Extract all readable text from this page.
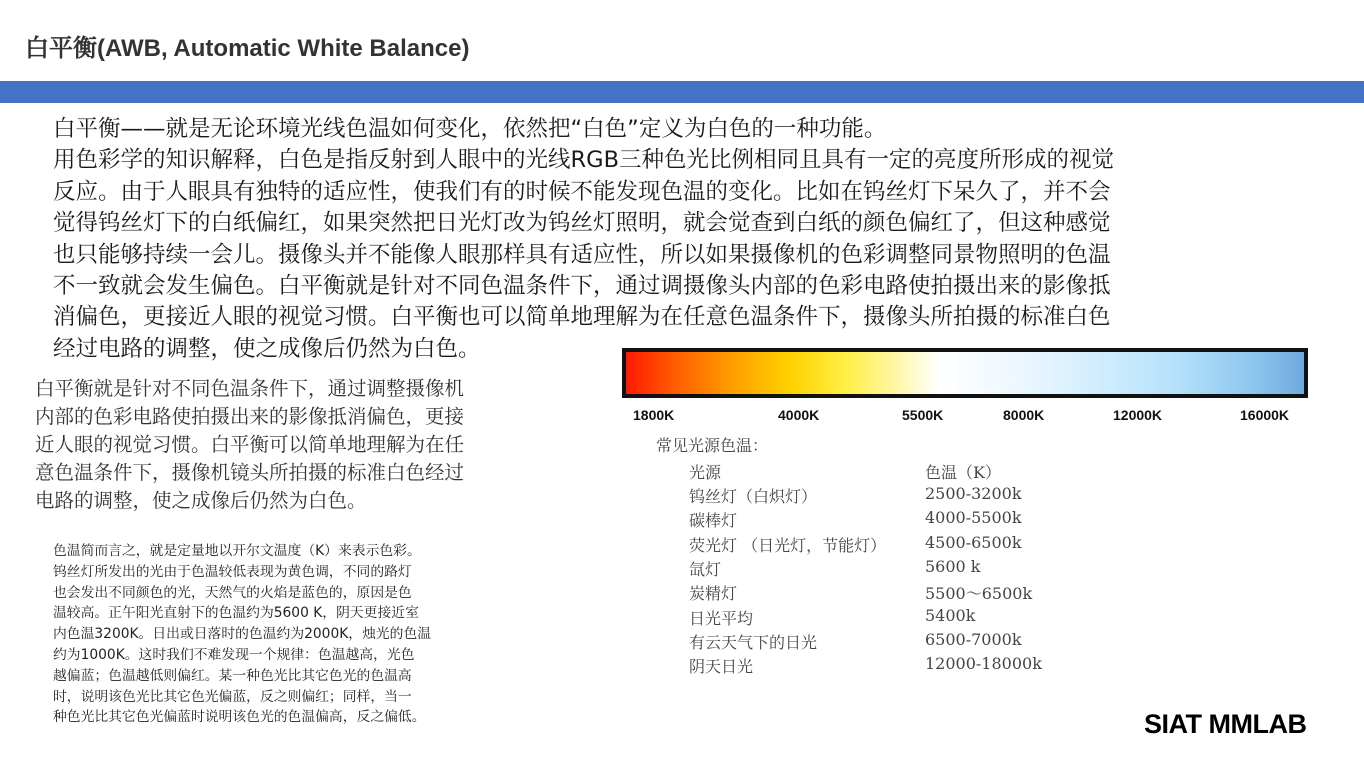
白平衡(AWB, Automatic White Balance)

白平衡——就是无论环境光线色温如何变化，依然把“白色”定义为白色的一种功能。

用色彩学的知识解释，白色是指反射到人眼中的光线RGB三种色光比例相同且具有一定的亮度所形成的视觉

反应。由于人眼具有独特的适应性，使我们有的时候不能发现色温的变化。比如在钨丝灯下呆久了，并不会

觉得钨丝灯下的白纸偏红，如果突然把日光灯改为钨丝灯照明，就会觉查到白纸的颜色偏红了，但这种感觉

也只能够持续一会儿。摄像头并不能像人眼那样具有适应性，所以如果摄像机的色彩调整同景物照明的色温

不一致就会发生偏色。白平衡就是针对不同色温条件下，通过调摄像头内部的色彩电路使拍摄出来的影像抵

消偏色，更接近人眼的视觉习惯。白平衡也可以简单地理解为在任意色温条件下，摄像头所拍摄的标准白色

经过电路的调整，使之成像后仍然为白色。

白平衡就是针对不同色温条件下，通过调整摄像机

内部的色彩电路使拍摄出来的影像抵消偏色，更接

近人眼的视觉习惯。白平衡可以简单地理解为在任

意色温条件下，摄像机镜头所拍摄的标准白色经过

电路的调整，使之成像后仍然为白色。

色温简而言之，就是定量地以开尔文温度（K）来表示色彩。

钨丝灯所发出的光由于色温较低表现为黄色调，不同的路灯

也会发出不同颜色的光，天然气的火焰是蓝色的，原因是色

温较高。正午阳光直射下的色温约为5600 K，阴天更接近室

内色温3200K。日出或日落时的色温约为2000K，烛光的色温

约为1000K。这时我们不难发现一个规律：色温越高，光色

越偏蓝；色温越低则偏红。某一种色光比其它色光的色温高

时，说明该色光比其它色光偏蓝，反之则偏红；同样，当一

种色光比其它色光偏蓝时说明该色光的色温偏高，反之偏低。

1800K	4000K	5500K	8000K	12000K	16000K
常见光源色温：
光源	色温（K）
钨丝灯（白炽灯）	2500-3200k
碳棒灯	4000-5500k
荧光灯 （日光灯，节能灯） 4500-6500k
氙灯	5600 k
炭精灯	5500～6500k
日光平均	5400k
有云天气下的日光	6500-7000k
阴天日光	12000-18000k
SIAT MMLAB
